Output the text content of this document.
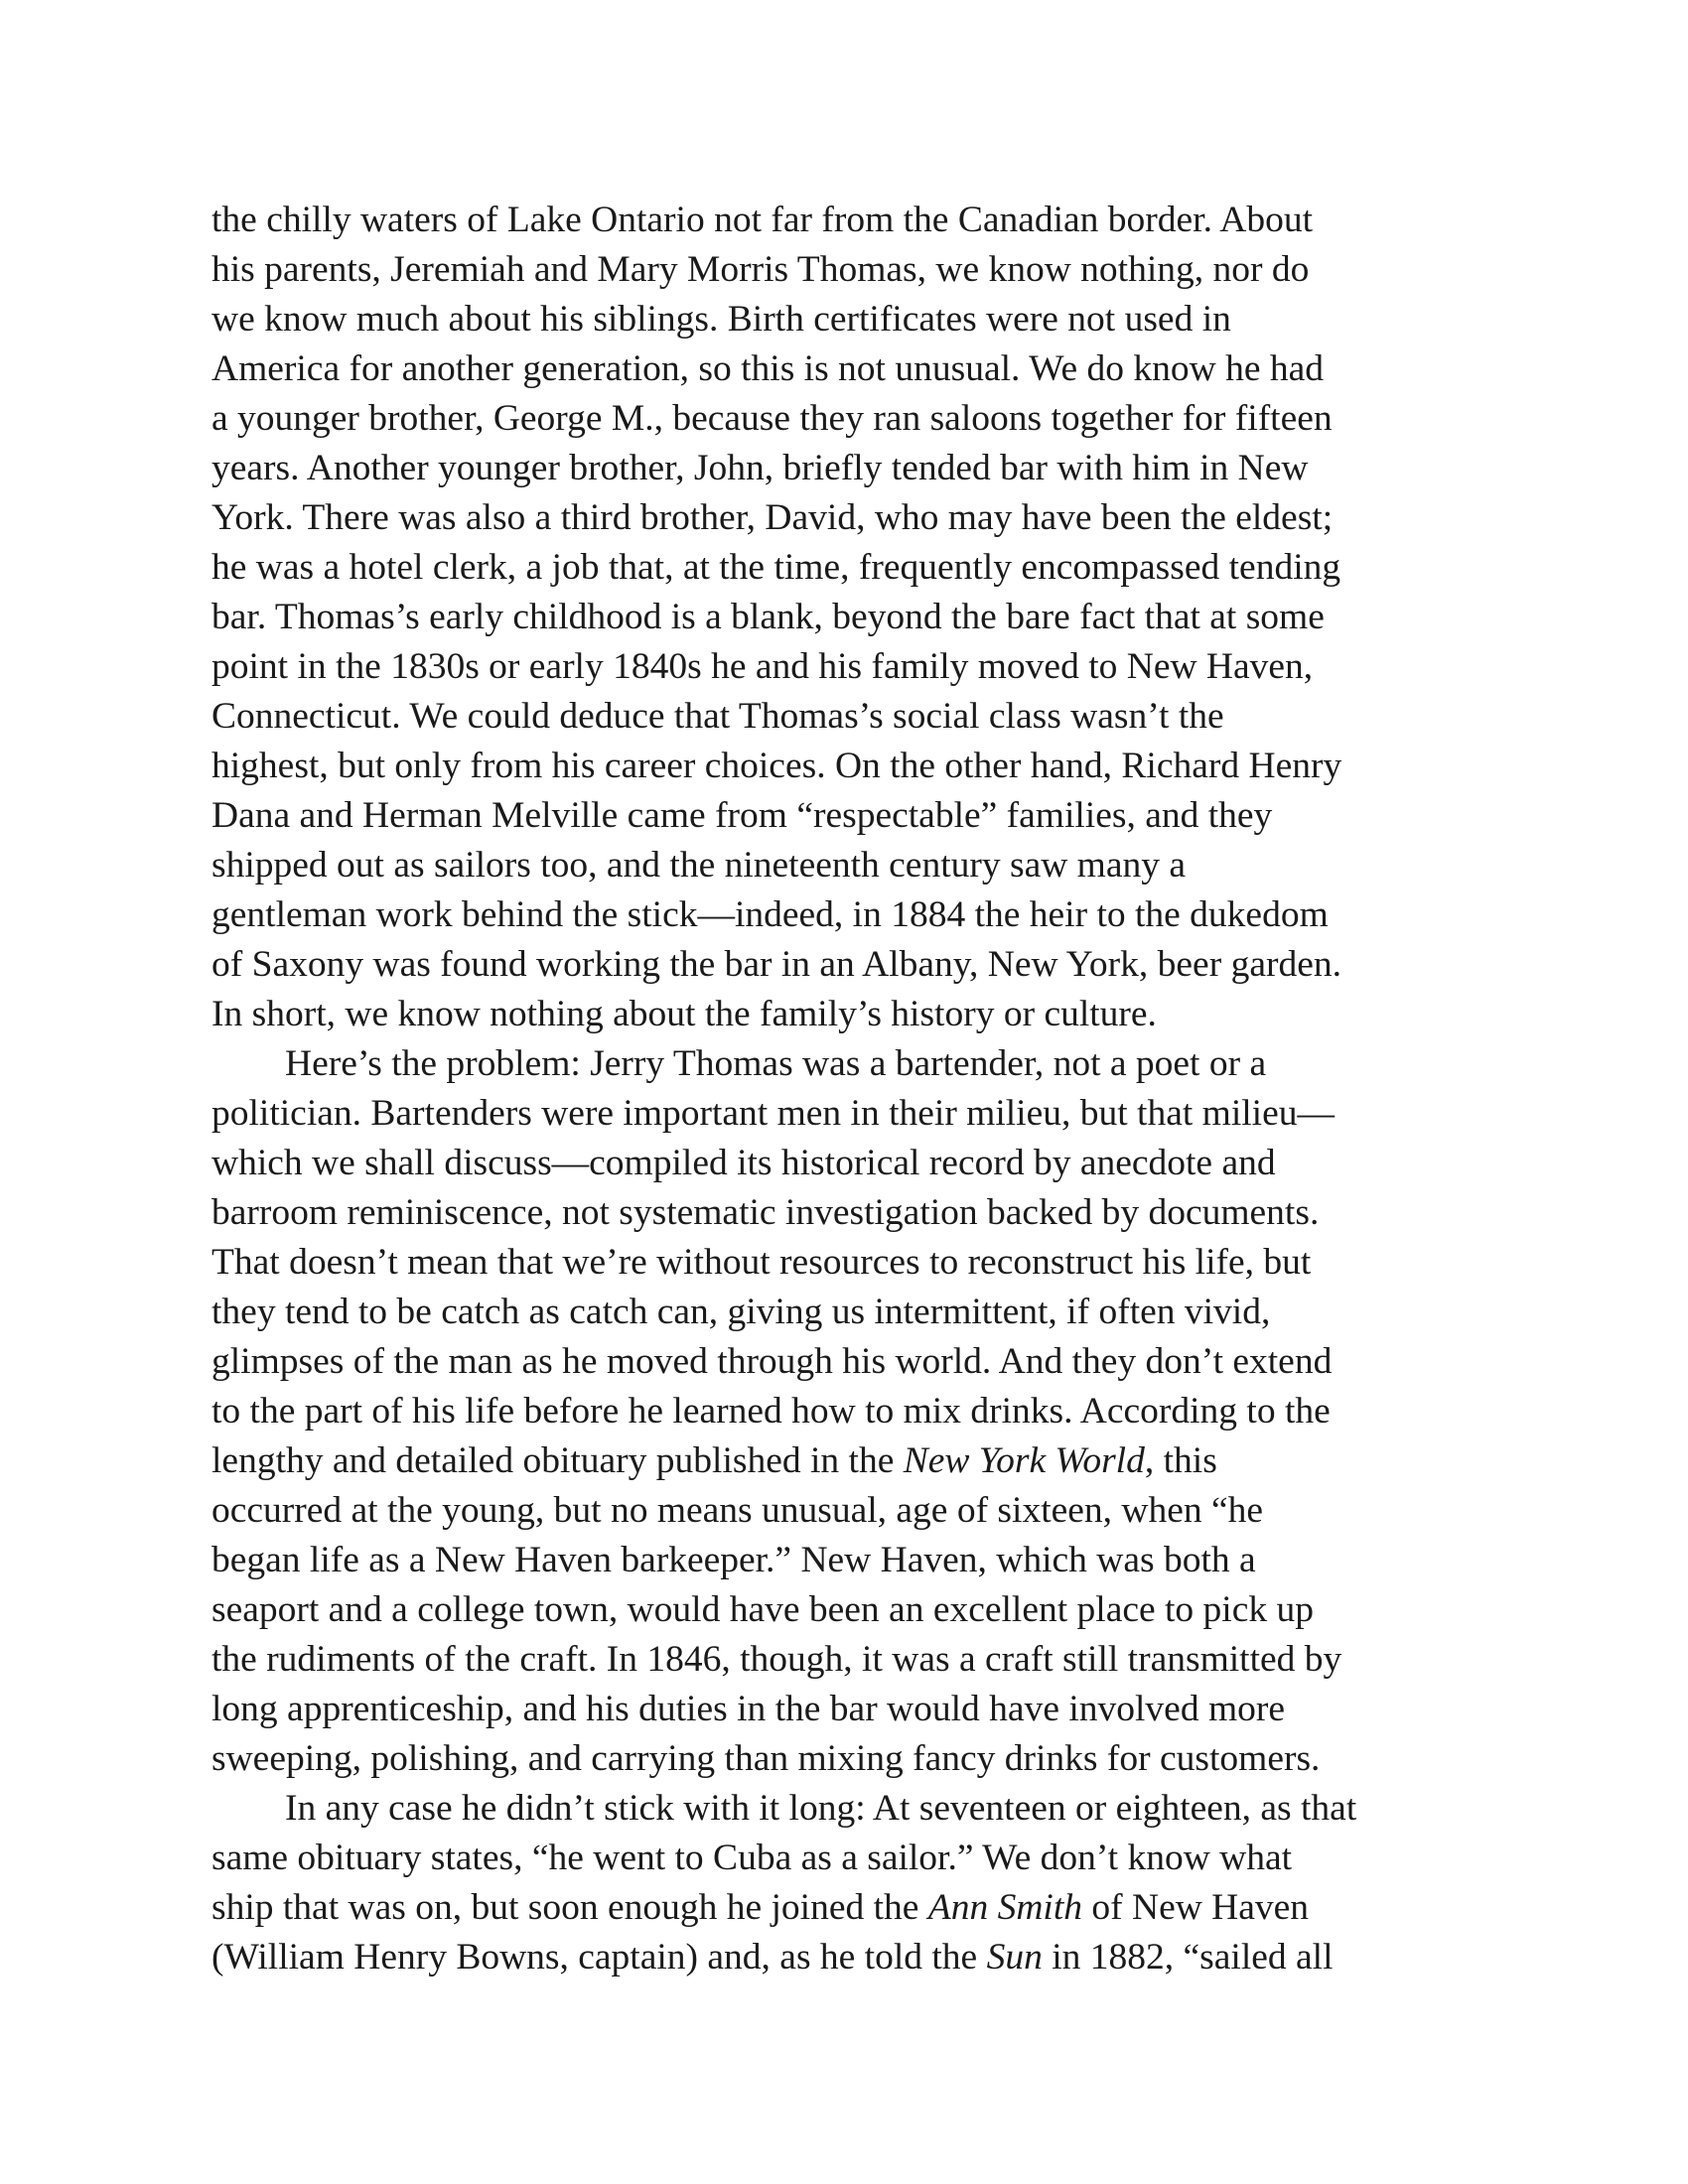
the chilly waters of Lake Ontario not far from the Canadian border. About
his parents, Jeremiah and Mary Morris Thomas, we know nothing, nor do
we know much about his siblings. Birth certificates were not used in
America for another generation, so this is not unusual. We do know he had
a younger brother, George M., because they ran saloons together for fifteen
years. Another younger brother, John, briefly tended bar with him in New
York. There was also a third brother, David, who may have been the eldest;
he was a hotel clerk, a job that, at the time, frequently encompassed tending
bar. Thomas’s early childhood is a blank, beyond the bare fact that at some
point in the 1830s or early 1840s he and his family moved to New Haven,
Connecticut. We could deduce that Thomas’s social class wasn’t the
highest, but only from his career choices. On the other hand, Richard Henry
Dana and Herman Melville came from “respectable” families, and they
shipped out as sailors too, and the nineteenth century saw many a
gentleman work behind the stick—indeed, in 1884 the heir to the dukedom
of Saxony was found working the bar in an Albany, New York, beer garden.
In short, we know nothing about the family’s history or culture.
Here’s the problem: Jerry Thomas was a bartender, not a poet or a
politician. Bartenders were important men in their milieu, but that milieu—
which we shall discuss—compiled its historical record by anecdote and
barroom reminiscence, not systematic investigation backed by documents.
That doesn’t mean that we’re without resources to reconstruct his life, but
they tend to be catch as catch can, giving us intermittent, if often vivid,
glimpses of the man as he moved through his world. And they don’t extend
to the part of his life before he learned how to mix drinks. According to the
lengthy and detailed obituary published in the New York World, this
occurred at the young, but no means unusual, age of sixteen, when “he
began life as a New Haven barkeeper.” New Haven, which was both a
seaport and a college town, would have been an excellent place to pick up
the rudiments of the craft. In 1846, though, it was a craft still transmitted by
long apprenticeship, and his duties in the bar would have involved more
sweeping, polishing, and carrying than mixing fancy drinks for customers.
In any case he didn’t stick with it long: At seventeen or eighteen, as that
same obituary states, “he went to Cuba as a sailor.” We don’t know what
ship that was on, but soon enough he joined the Ann Smith of New Haven
(William Henry Bowns, captain) and, as he told the Sun in 1882, “sailed all
